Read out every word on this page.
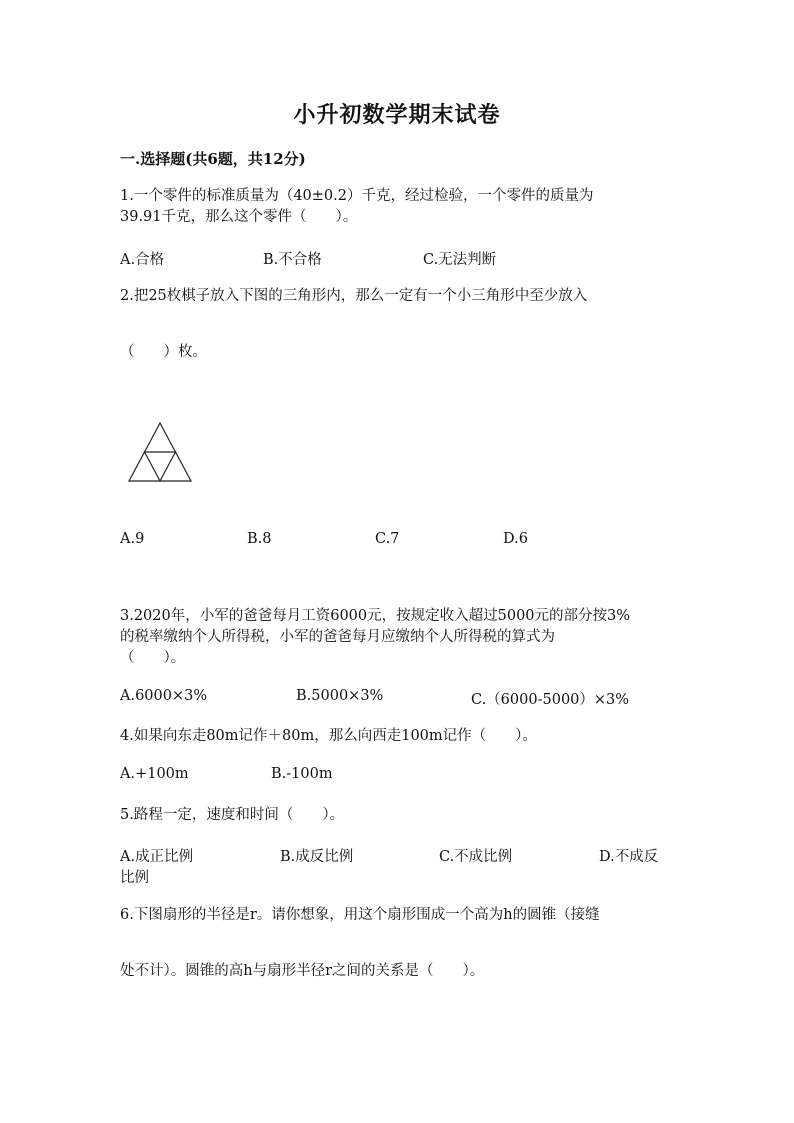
小升初数学期末试卷
一.选择题(共6题，共12分)
1.一个零件的标准质量为（40±0.2）千克，经过检验，一个零件的质量为
39.91千克，那么这个零件（　　）。
A.合格	B.不合格	C.无法判断
2.把25枚棋子放入下图的三角形内，那么一定有一个小三角形中至少放入
（　　）枚。
A.9	B.8	C.7	D.6
3.2020年，小军的爸爸每月工资6000元，按规定收入超过5000元的部分按3%
的税率缴纳个人所得税，小军的爸爸每月应缴纳个人所得税的算式为
（　　）。
A.6000×3%	B.5000×3%	C.（6000-5000）×3%
4.如果向东走80m记作＋80m，那么向西走100m记作（　　）。
A.+100m	B.-100m
5.路程一定，速度和时间（　　）。
A.成正比例	B.成反比例	C.不成比例	D.不成反
比例
6.下图扇形的半径是r。请你想象，用这个扇形围成一个高为h的圆锥（接缝
处不计）。圆锥的高h与扇形半径r之间的关系是（　　）。
